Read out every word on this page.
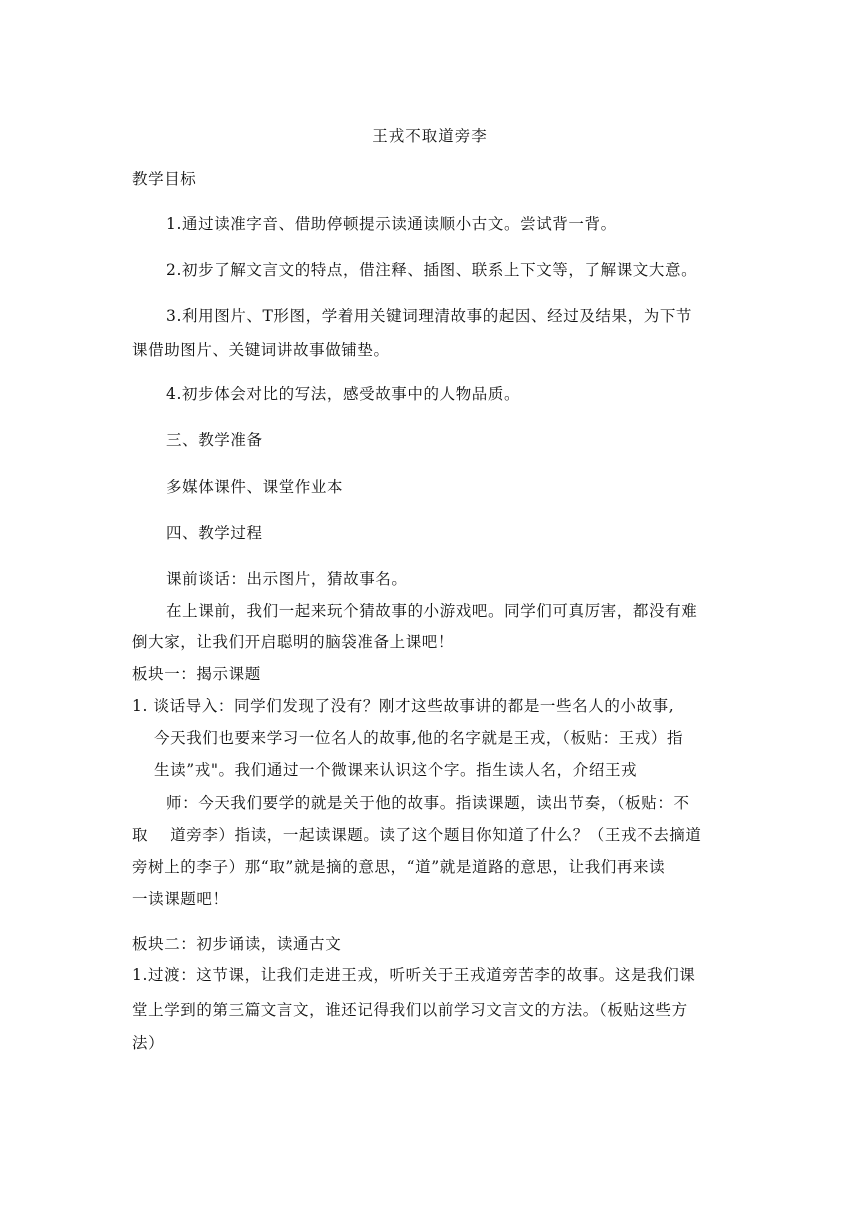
王戎不取道旁李

教学目标

1.通过读准字音、借助停顿提示读通读顺小古文。尝试背一背。

2.初步了解文言文的特点，借注释、插图、联系上下文等，了解课文大意。

3.利用图片、T形图，学着用关键词理清故事的起因、经过及结果，为下节

课借助图片、关键词讲故事做铺垫。

4.初步体会对比的写法，感受故事中的人物品质。

三、教学准备

多媒体课件、课堂作业本

四、教学过程

课前谈话：出示图片，猜故事名。

在上课前，我们一起来玩个猜故事的小游戏吧。同学们可真厉害，都没有难

倒大家，让我们开启聪明的脑袋准备上课吧！

板块一：揭示课题

1. 谈话导入：同学们发现了没有？刚才这些故事讲的都是一些名人的小故事,

今天我们也要来学习一位名人的故事,他的名字就是王戎，（板贴：王戎）指

生读”戎"。我们通过一个微课来认识这个字。指生读人名，介绍王戎

师：今天我们要学的就是关于他的故事。指读课题，读出节奏，（板贴：不

取    道旁李）指读，一起读课题。读了这个题目你知道了什么？（王戎不去摘道

旁树上的李子）那“取”就是摘的意思，“道”就是道路的意思，让我们再来读

一读课题吧！

板块二：初步诵读，读通古文

1.过渡：这节课，让我们走进王戎，听听关于王戎道旁苦李的故事。这是我们课

堂上学到的第三篇文言文，谁还记得我们以前学习文言文的方法。（板贴这些方

法）
